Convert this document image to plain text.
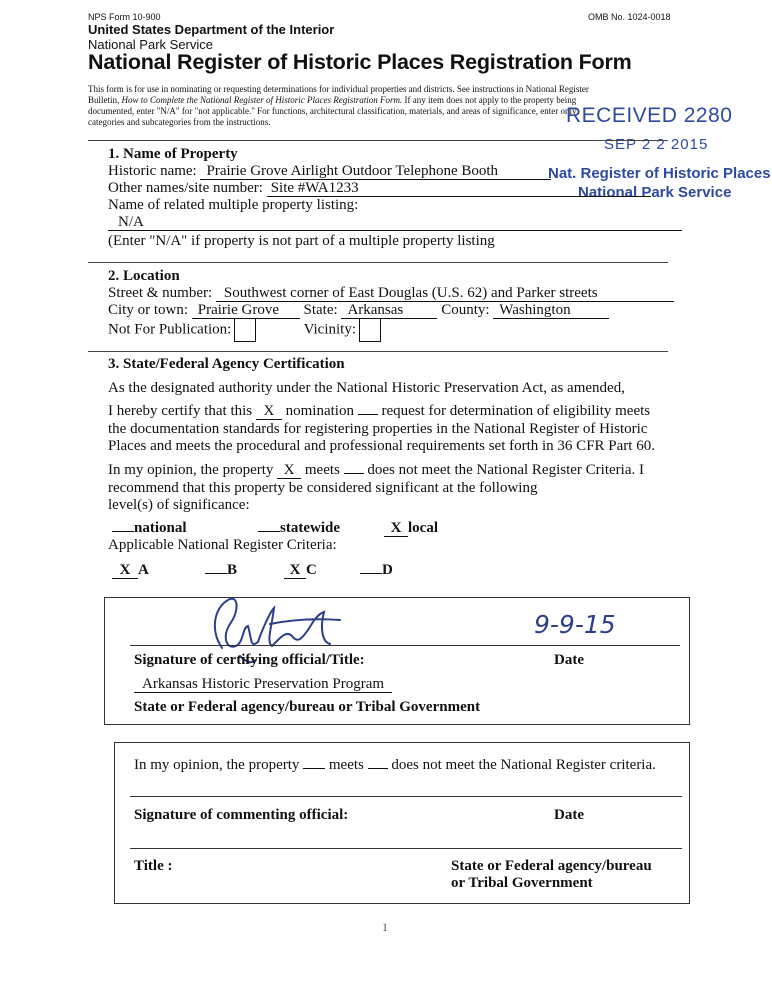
NPS Form 10-900	OMB No. 1024-0018
United States Department of the Interior
National Park Service
National Register of Historic Places Registration Form
This form is for use in nominating or requesting determinations for individual properties and districts. See instructions in National Register
Bulletin, How to Complete the National Register of Historic Places Registration Form. If any item does not apply to the property being
documented, enter "N/A" for "not applicable." For functions, architectural classification, materials, and areas of significance, enter only
categories and subcategories from the instructions.	RECEIVED 2280
SEP 2 2 2015
Nat. Register of Historic Places
National Park Service
1. Name of Property
Historic name: Prairie Grove Airlight Outdoor Telephone Booth
Other names/site number: Site #WA1233
Name of related multiple property listing:
N/A
(Enter "N/A" if property is not part of a multiple property listing
2. Location
Street & number: Southwest corner of East Douglas (U.S. 62) and Parker streets
City or town: Prairie Grove State: Arkansas	County: Washington
Not For Publication:	Vicinity:
3. State/Federal Agency Certification
As the designated authority under the National Historic Preservation Act, as amended,
I hereby certify that this X nomination  request for determination of eligibility meets
the documentation standards for registering properties in the National Register of Historic
Places and meets the procedural and professional requirements set forth in 36 CFR Part 60.
In my opinion, the property X meets  does not meet the National Register Criteria. I
recommend that this property be considered significant at the following
level(s) of significance:
national	statewide	X local
Applicable National Register Criteria:
X A	B	X C	D
9-9-15
Signature of certifying official/Title:	Date
Arkansas Historic Preservation Program
State or Federal agency/bureau or Tribal Government
In my opinion, the property  meets  does not meet the National Register criteria.
Signature of commenting official:	Date
Title :	State or Federal agency/bureau
or Tribal Government
1
